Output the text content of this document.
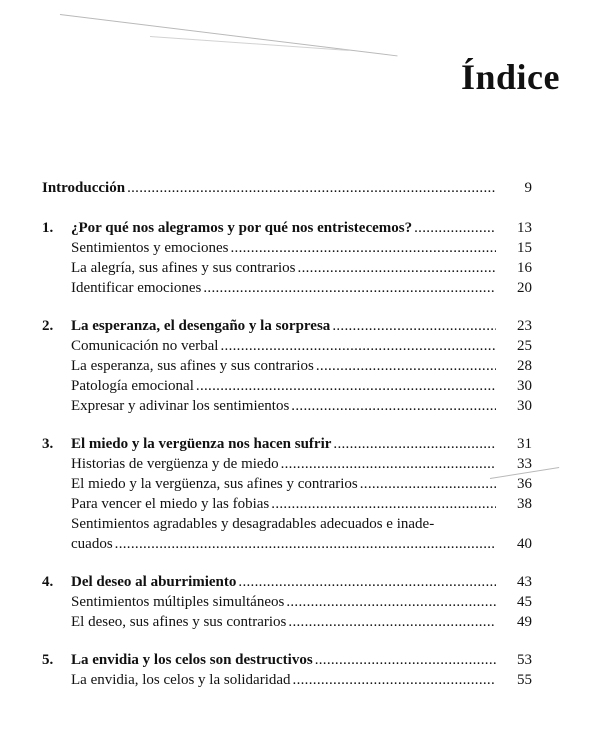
Índice
Introducción .....	9
1.	¿Por qué nos alegramos y por qué nos entristecemos? .....	13
Sentimientos y emociones .....	15
La alegría, sus afines y sus contrarios .....	16
Identificar emociones .....	20
2.	La esperanza, el desengaño y la sorpresa .....	23
Comunicación no verbal .....	25
La esperanza, sus afines y sus contrarios .....	28
Patología emocional .....	30
Expresar y adivinar los sentimientos .....	30
3.	El miedo y la vergüenza nos hacen sufrir .....	31
Historias de vergüenza y de miedo .....	33
El miedo y la vergüenza, sus afines y contrarios .....	36
Para vencer el miedo y las fobias .....	38
Sentimientos agradables y desagradables adecuados e inade-
cuados .....	40
4.	Del deseo al aburrimiento .....	43
Sentimientos múltiples simultáneos .....	45
El deseo, sus afines y sus contrarios .....	49
5.	La envidia y los celos son destructivos .....	53
La envidia, los celos y la solidaridad .....	55
